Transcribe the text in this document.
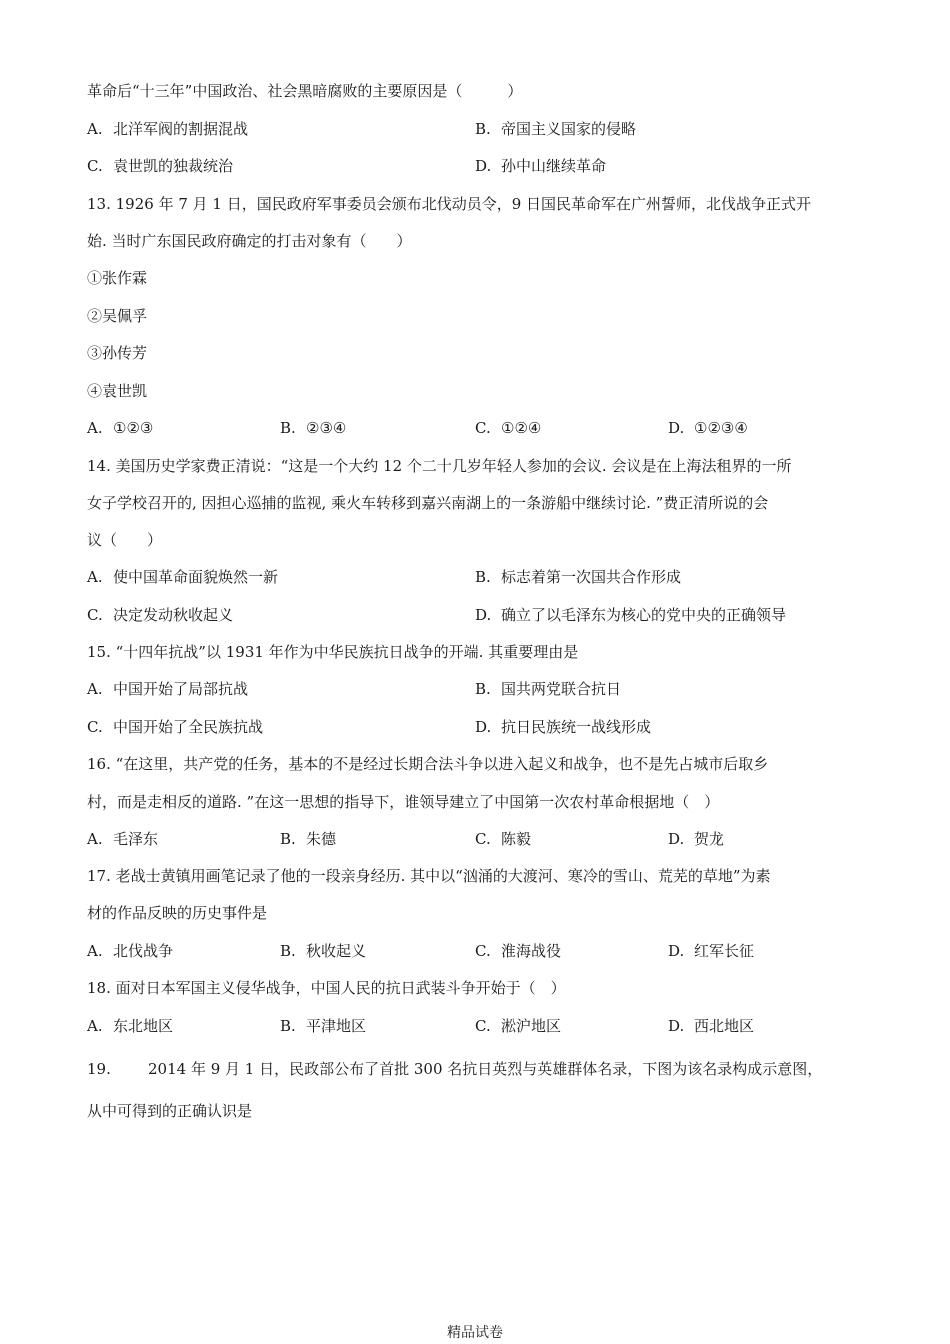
革命后“十三年”中国政治、社会黑暗腐败的主要原因是（　　　）
A. 北洋军阀的割据混战	B. 帝国主义国家的侵略
C. 袁世凯的独裁统治	D. 孙中山继续革命
13. 1926 年 7 月 1 日，国民政府军事委员会颁布北伐动员令，9 日国民革命军在广州誓师，北伐战争正式开
始. 当时广东国民政府确定的打击对象有（　　）
①张作霖
②吴佩孚
③孙传芳
④袁世凯
A. ①②③	B. ②③④	C. ①②④	D. ①②③④
14. 美国历史学家费正清说：“这是一个大约 12 个二十几岁年轻人参加的会议. 会议是在上海法租界的一所
女子学校召开的, 因担心巡捕的监视, 乘火车转移到嘉兴南湖上的一条游船中继续讨论. ”费正清所说的会
议（　　）
A. 使中国革命面貌焕然一新	B. 标志着第一次国共合作形成
C. 决定发动秋收起义	D. 确立了以毛泽东为核心的党中央的正确领导
15. “十四年抗战”以 1931 年作为中华民族抗日战争的开端. 其重要理由是
A. 中国开始了局部抗战	B. 国共两党联合抗日
C. 中国开始了全民族抗战	D. 抗日民族统一战线形成
16. “在这里，共产党的任务，基本的不是经过长期合法斗争以进入起义和战争，也不是先占城市后取乡
村，而是走相反的道路. ”在这一思想的指导下，谁领导建立了中国第一次农村革命根据地（　）
A. 毛泽东	B. 朱德	C. 陈毅	D. 贺龙
17. 老战士黄镇用画笔记录了他的一段亲身经历. 其中以“汹涌的大渡河、寒冷的雪山、荒芜的草地”为素
材的作品反映的历史事件是
A. 北伐战争	B. 秋收起义	C. 淮海战役	D. 红军长征
18. 面对日本军国主义侵华战争，中国人民的抗日武装斗争开始于（　）
A. 东北地区	B. 平津地区	C. 淞沪地区	D. 西北地区
19. 2014 年 9 月 1 日，民政部公布了首批 300 名抗日英烈与英雄群体名录，下图为该名录构成示意图，
从中可得到的正确认识是
精品试卷
